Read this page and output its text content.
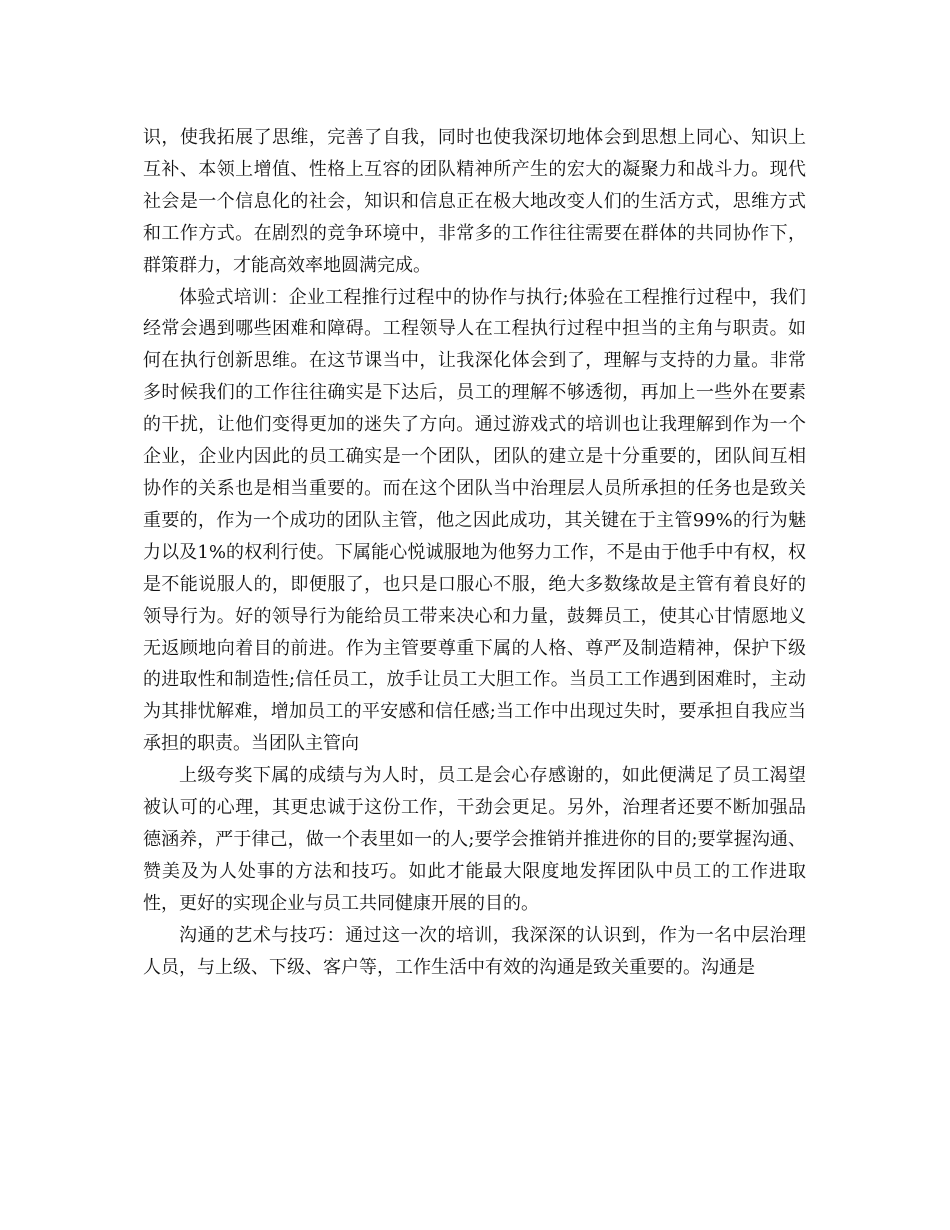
识，使我拓展了思维，完善了自我，同时也使我深切地体会到思想上同心、知识上互补、本领上增值、性格上互容的团队精神所产生的宏大的凝聚力和战斗力。现代社会是一个信息化的社会，知识和信息正在极大地改变人们的生活方式，思维方式和工作方式。在剧烈的竞争环境中，非常多的工作往往需要在群体的共同协作下，群策群力，才能高效率地圆满完成。

体验式培训：企业工程推行过程中的协作与执行;体验在工程推行过程中，我们经常会遇到哪些困难和障碍。工程领导人在工程执行过程中担当的主角与职责。如何在执行创新思维。在这节课当中，让我深化体会到了，理解与支持的力量。非常多时候我们的工作往往确实是下达后，员工的理解不够透彻，再加上一些外在要素的干扰，让他们变得更加的迷失了方向。通过游戏式的培训也让我理解到作为一个企业，企业内因此的员工确实是一个团队，团队的建立是十分重要的，团队间互相协作的关系也是相当重要的。而在这个团队当中治理层人员所承担的任务也是致关重要的，作为一个成功的团队主管，他之因此成功，其关键在于主管99%的行为魅力以及1%的权利行使。下属能心悦诚服地为他努力工作，不是由于他手中有权，权是不能说服人的，即便服了，也只是口服心不服，绝大多数缘故是主管有着良好的领导行为。好的领导行为能给员工带来决心和力量，鼓舞员工，使其心甘情愿地义无返顾地向着目的前进。作为主管要尊重下属的人格、尊严及制造精神，保护下级的进取性和制造性;信任员工，放手让员工大胆工作。当员工工作遇到困难时，主动为其排忧解难，增加员工的平安感和信任感;当工作中出现过失时，要承担自我应当承担的职责。当团队主管向

上级夸奖下属的成绩与为人时，员工是会心存感谢的，如此便满足了员工渴望被认可的心理，其更忠诚于这份工作，干劲会更足。另外，治理者还要不断加强品德涵养，严于律己，做一个表里如一的人;要学会推销并推进你的目的;要掌握沟通、赞美及为人处事的方法和技巧。如此才能最大限度地发挥团队中员工的工作进取性，更好的实现企业与员工共同健康开展的目的。

沟通的艺术与技巧：通过这一次的培训，我深深的认识到，作为一名中层治理人员，与上级、下级、客户等，工作生活中有效的沟通是致关重要的。沟通是
